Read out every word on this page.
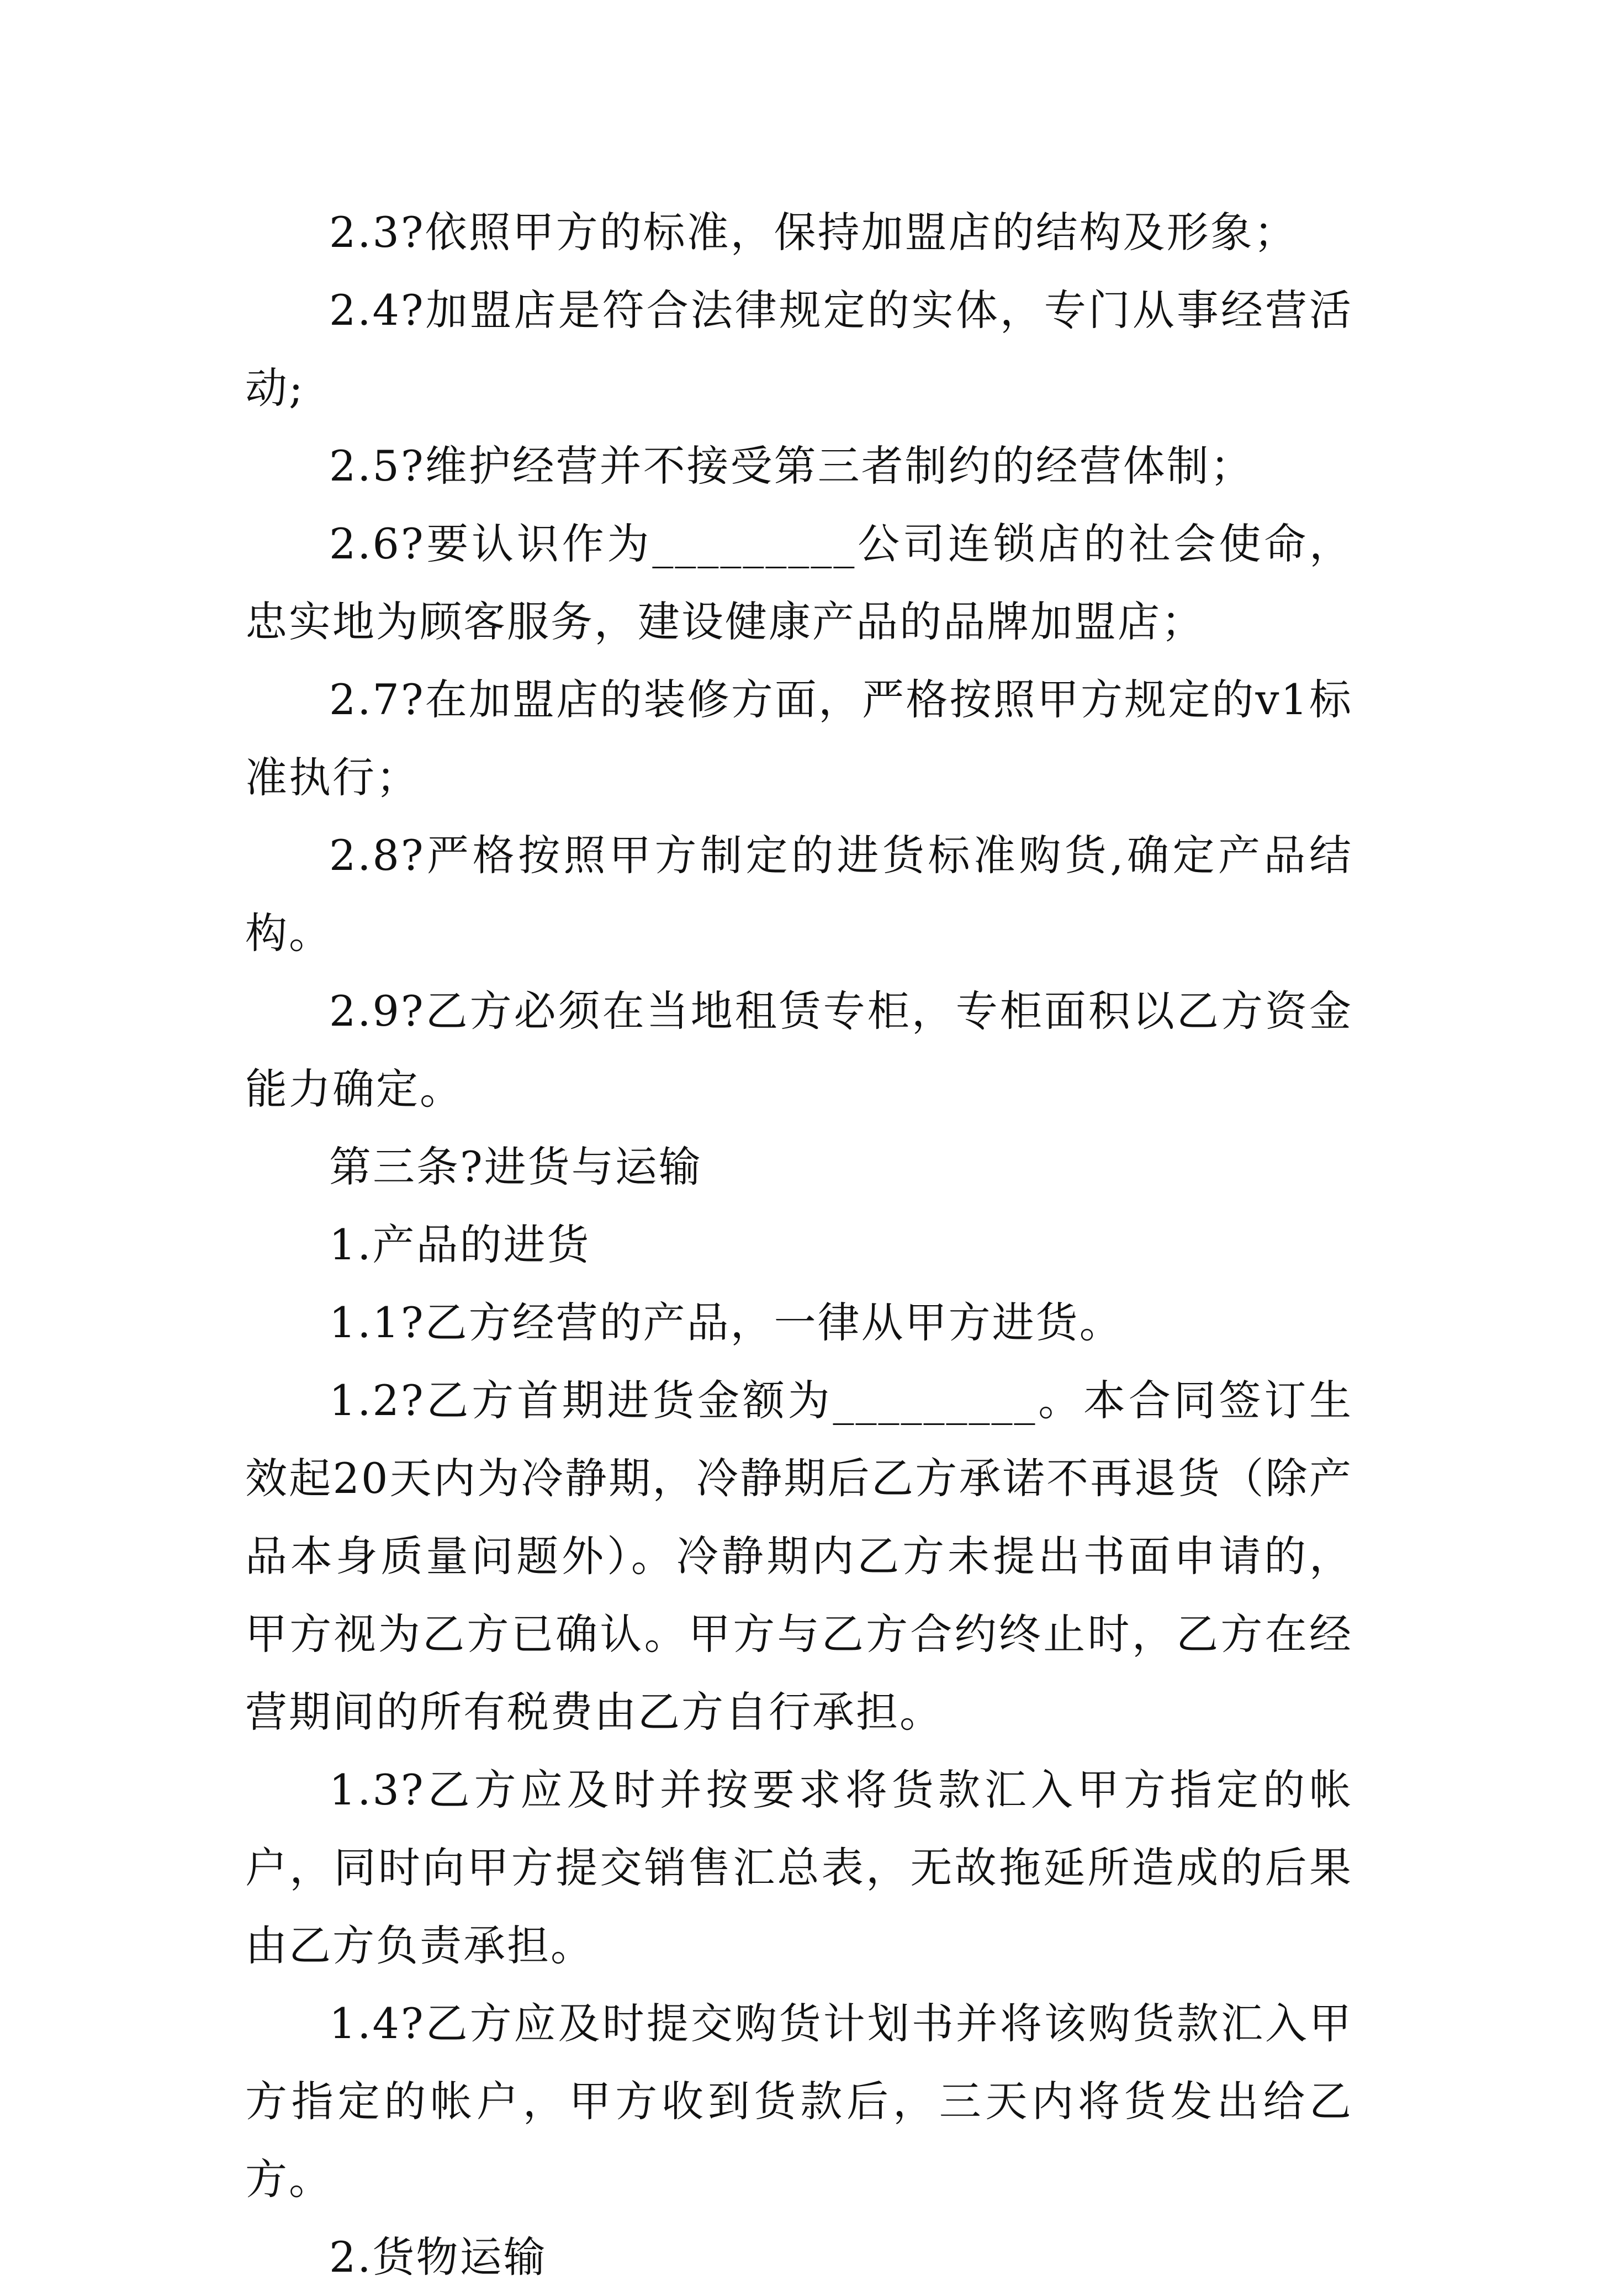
2.3?依照甲方的标准，保持加盟店的结构及形象；

2.4?加盟店是符合法律规定的实体，专门从事经营活动;

2.5?维护经营并不接受第三者制约的经营体制；

2.6?要认识作为_________公司连锁店的社会使命，忠实地为顾客服务，建设健康产品的品牌加盟店；

2.7?在加盟店的装修方面，严格按照甲方规定的v1标准执行；

2.8?严格按照甲方制定的进货标准购货,确定产品结构。

2.9?乙方必须在当地租赁专柜，专柜面积以乙方资金能力确定。

第三条?进货与运输

1.产品的进货

1.1?乙方经营的产品，一律从甲方进货。

1.2?乙方首期进货金额为_________。本合同签订生效起20天内为冷静期，冷静期后乙方承诺不再退货（除产品本身质量问题外）。冷静期内乙方未提出书面申请的，甲方视为乙方已确认。甲方与乙方合约终止时，乙方在经营期间的所有税费由乙方自行承担。

1.3?乙方应及时并按要求将货款汇入甲方指定的帐户，同时向甲方提交销售汇总表，无故拖延所造成的后果由乙方负责承担。

1.4?乙方应及时提交购货计划书并将该购货款汇入甲方指定的帐户，甲方收到货款后，三天内将货发出给乙方。

2.货物运输
